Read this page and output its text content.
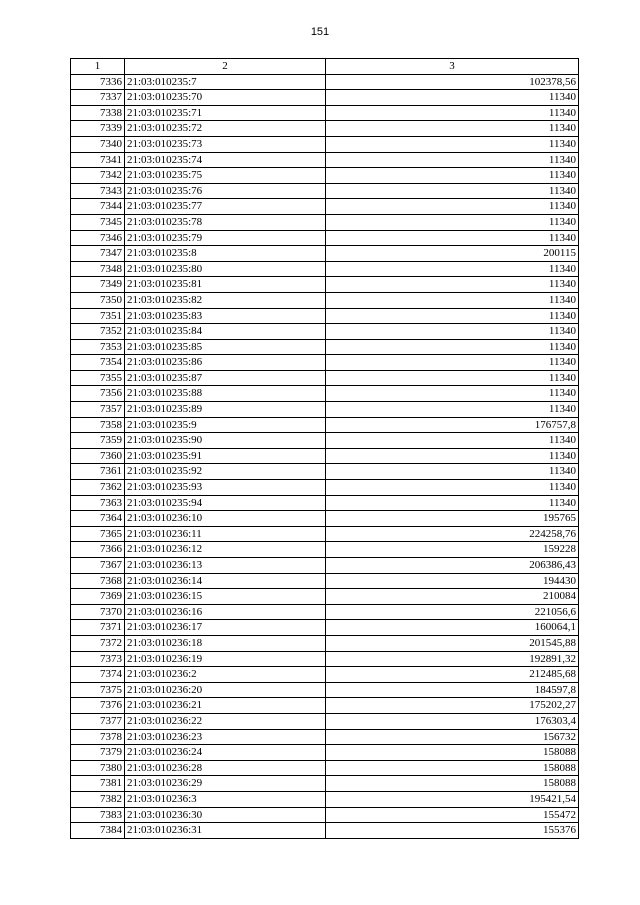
151
1	2	3
7336	21:03:010235:7	102378,56
7337	21:03:010235:70	11340
7338	21:03:010235:71	11340
7339	21:03:010235:72	11340
7340	21:03:010235:73	11340
7341	21:03:010235:74	11340
7342	21:03:010235:75	11340
7343	21:03:010235:76	11340
7344	21:03:010235:77	11340
7345	21:03:010235:78	11340
7346	21:03:010235:79	11340
7347	21:03:010235:8	200115
7348	21:03:010235:80	11340
7349	21:03:010235:81	11340
7350	21:03:010235:82	11340
7351	21:03:010235:83	11340
7352	21:03:010235:84	11340
7353	21:03:010235:85	11340
7354	21:03:010235:86	11340
7355	21:03:010235:87	11340
7356	21:03:010235:88	11340
7357	21:03:010235:89	11340
7358	21:03:010235:9	176757,8
7359	21:03:010235:90	11340
7360	21:03:010235:91	11340
7361	21:03:010235:92	11340
7362	21:03:010235:93	11340
7363	21:03:010235:94	11340
7364	21:03:010236:10	195765
7365	21:03:010236:11	224258,76
7366	21:03:010236:12	159228
7367	21:03:010236:13	206386,43
7368	21:03:010236:14	194430
7369	21:03:010236:15	210084
7370	21:03:010236:16	221056,6
7371	21:03:010236:17	160064,1
7372	21:03:010236:18	201545,88
7373	21:03:010236:19	192891,32
7374	21:03:010236:2	212485,68
7375	21:03:010236:20	184597,8
7376	21:03:010236:21	175202,27
7377	21:03:010236:22	176303,4
7378	21:03:010236:23	156732
7379	21:03:010236:24	158088
7380	21:03:010236:28	158088
7381	21:03:010236:29	158088
7382	21:03:010236:3	195421,54
7383	21:03:010236:30	155472
7384	21:03:010236:31	155376
